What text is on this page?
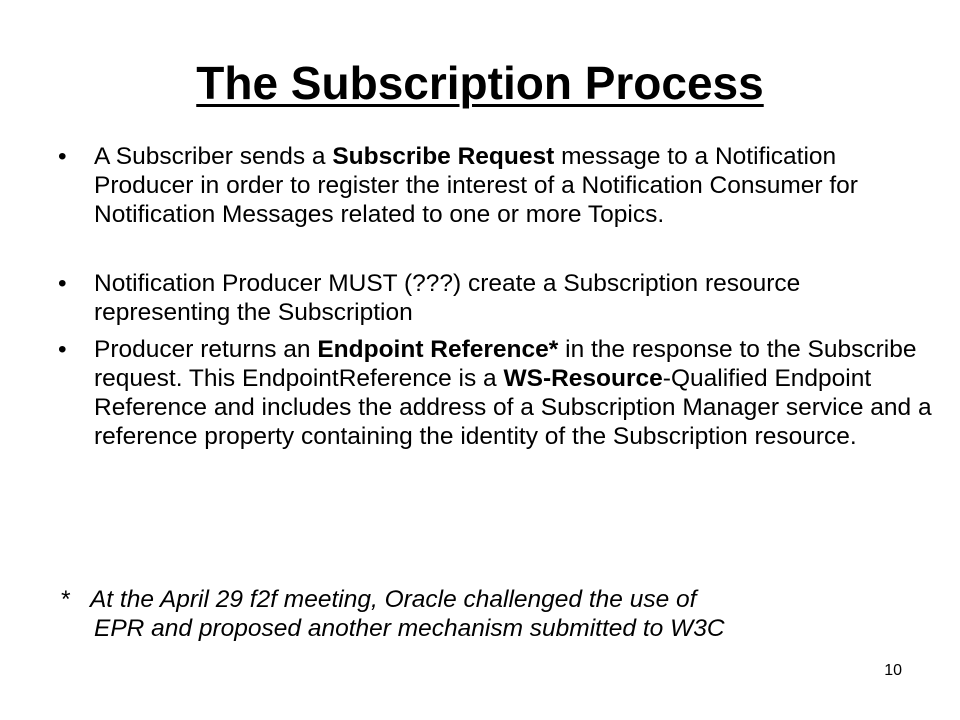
The Subscription Process
• A Subscriber sends a Subscribe Request message to a Notification Producer in order to register the interest of a Notification Consumer for Notification Messages related to one or more Topics.
• Notification Producer MUST (???) create a Subscription resource representing the Subscription
• Producer returns an Endpoint Reference* in the response to the Subscribe request. This EndpointReference is a WS-Resource-Qualified Endpoint Reference and includes the address of a Subscription Manager service and a reference property containing the identity of the Subscription resource.
* At the April 29 f2f meeting, Oracle challenged the use of
EPR and proposed another mechanism submitted to W3C
10
